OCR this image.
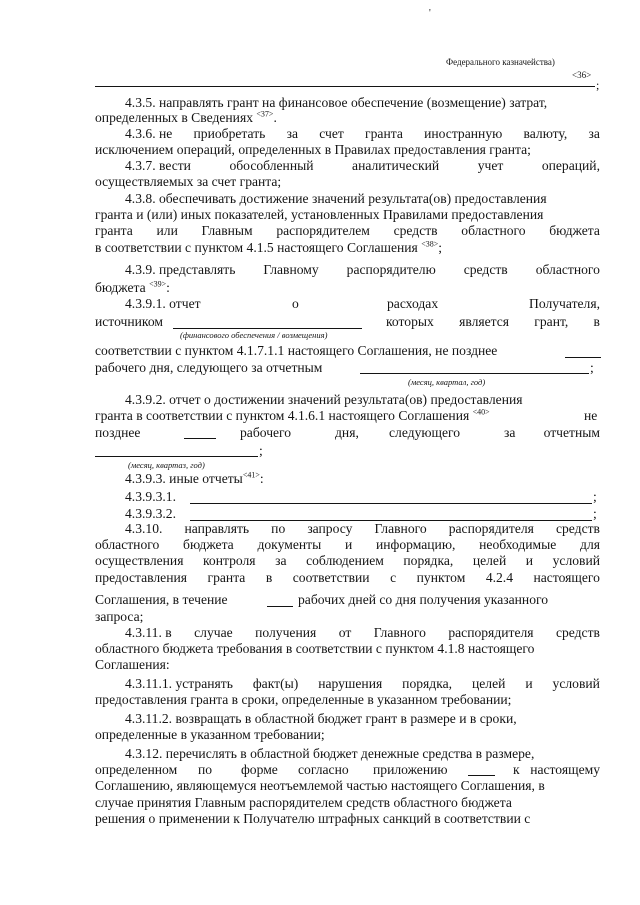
'
Федерального казначейства)
<36>
;
4.3.5. направлять грант на финансовое обеспечение (возмещение) затрат,
определенных в Сведениях $^{<37>}$.
4.3.6. не приобретать за счет гранта иностранную валюту, за
исключением операций, определенных в Правилах предоставления гранта;
4.3.7. вести	обособленный	аналитический	учет	операций,
осуществляемых за счет гранта;
4.3.8. обеспечивать достижение значений результата(ов) предоставления
гранта и (или) иных показателей, установленных Правилами предоставления
гранта или Главным распорядителем средств областного бюджета
в соответствии с пунктом 4.1.5 настоящего Соглашения $^{<38>}$;
4.3.9. представлять Главному распорядителю средств областного
бюджета $^{<39>}$:
4.3.9.1. отчет	о	расходах	Получателя,
источником	которых является грант, в
(финансового обеспечения / возмещения)
соответствии с пунктом 4.1.7.1.1 настоящего Соглашения, не позднее
рабочего дня, следующего за отчетным	;
(месяц, квартал, год)
4.3.9.2. отчет о достижении значений результата(ов) предоставления
гранта в соответствии с пунктом 4.1.6.1 настоящего Соглашения $^{<40>}$	не
позднее	рабочего	дня, следующего	за отчетным
;
(месяц, квартаз, год)
4.3.9.3. иные отчеты$^{<41>}$:
4.3.9.3.1.	;
4.3.9.3.2.	;
4.3.10. направлять по запросу Главного распорядителя средств
областного бюджета документы и информацию, необходимые для
осуществления контроля за соблюдением порядка, целей и условий
предоставления гранта в соответствии с пунктом 4.2.4 настоящего
Соглашения, в течение	рабочих дней со дня получения указанного
запроса;
4.3.11. в случае получения от Главного распорядителя средств
областного бюджета требования в соответствии с пунктом 4.1.8 настоящего
Соглашения:
4.3.11.1. устранять факт(ы) нарушения порядка, целей и условий
предоставления гранта в сроки, определенные в указанном требовании;
4.3.11.2. возвращать в областной бюджет грант в размере и в сроки,
определенные в указанном требовании;
4.3.12. перечислять в областной бюджет денежные средства в размере,
определенном по форме согласно приложению	к настоящему
Соглашению, являющемуся неотъемлемой частью настоящего Соглашения, в
случае принятия Главным распорядителем средств областного бюджета
решения о применении к Получателю штрафных санкций в соответствии с
